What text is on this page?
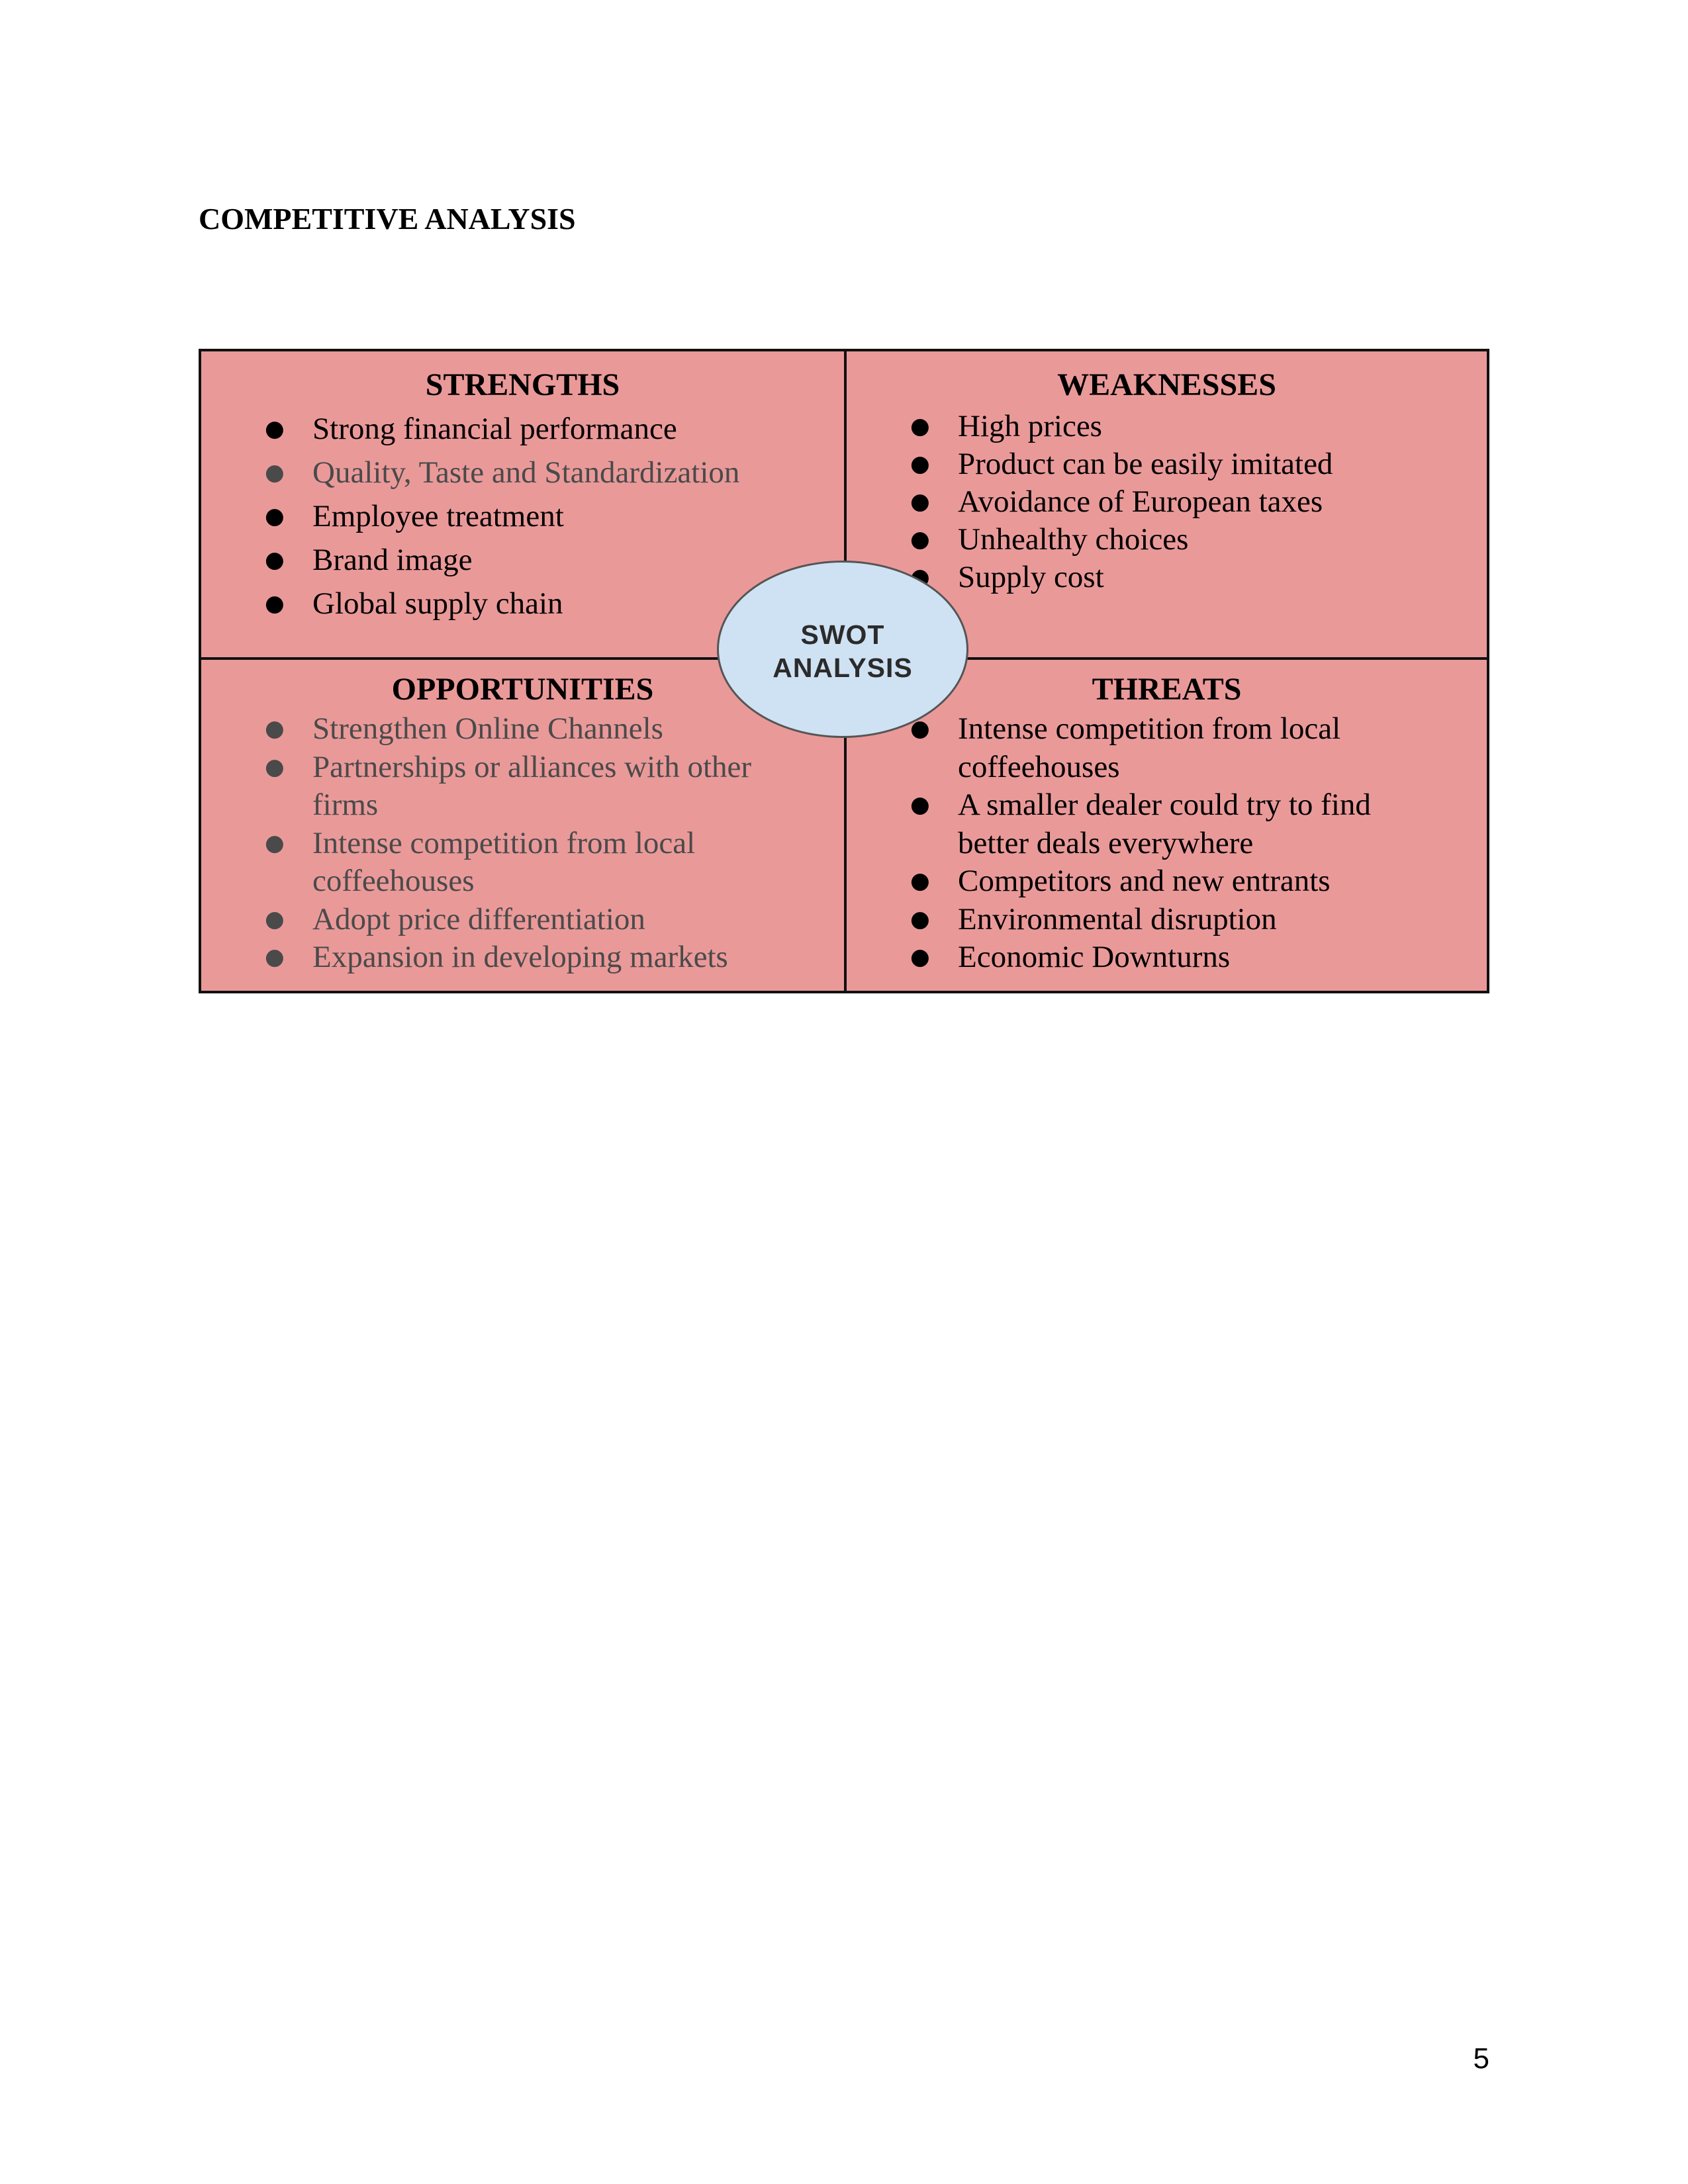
COMPETITIVE ANALYSIS
STRENGTHS
● Strong financial performance
● Quality, Taste and Standardization
● Employee treatment
● Brand image
● Global supply chain
WEAKNESSES
● High prices
● Product can be easily imitated
● Avoidance of European taxes
● Unhealthy choices
● Supply cost
OPPORTUNITIES
● Strengthen Online Channels
● Partnerships or alliances with other
firms
● Intense competition from local
coffeehouses
● Adopt price differentiation
● Expansion in developing markets
THREATS
● Intense competition from local
coffeehouses
● A smaller dealer could try to find
better deals everywhere
● Competitors and new entrants
● Environmental disruption
● Economic Downturns
SWOT
ANALYSIS
5
